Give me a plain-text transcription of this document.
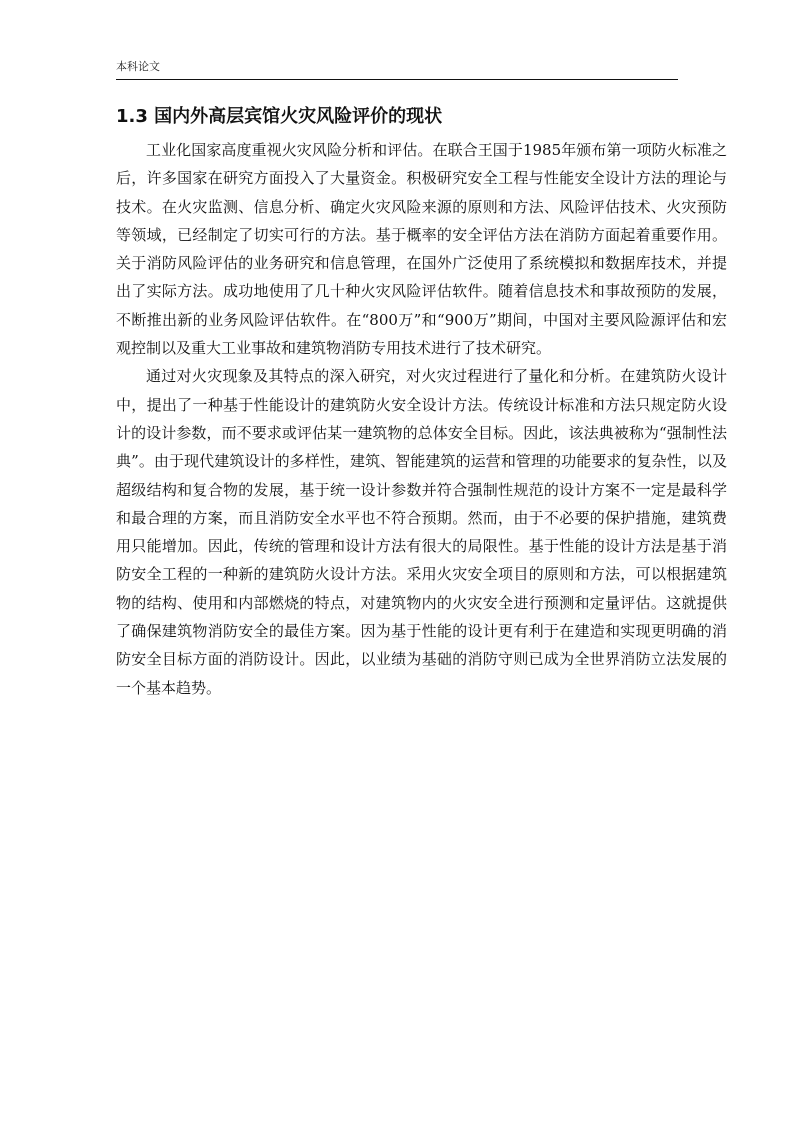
本科论文
1.3 国内外高层宾馆火灾风险评价的现状

工业化国家高度重视火灾风险分析和评估。在联合王国于1985年颁布第一项防火标准之后，许多国家在研究方面投入了大量资金。积极研究安全工程与性能安全设计方法的理论与技术。在火灾监测、信息分析、确定火灾风险来源的原则和方法、风险评估技术、火灾预防等领域，已经制定了切实可行的方法。基于概率的安全评估方法在消防方面起着重要作用。关于消防风险评估的业务研究和信息管理，在国外广泛使用了系统模拟和数据库技术，并提出了实际方法。成功地使用了几十种火灾风险评估软件。随着信息技术和事故预防的发展，不断推出新的业务风险评估软件。在“800万”和“900万”期间，中国对主要风险源评估和宏观控制以及重大工业事故和建筑物消防专用技术进行了技术研究。

通过对火灾现象及其特点的深入研究，对火灾过程进行了量化和分析。在建筑防火设计中，提出了一种基于性能设计的建筑防火安全设计方法。传统设计标准和方法只规定防火设计的设计参数，而不要求或评估某一建筑物的总体安全目标。因此，该法典被称为“强制性法典”。由于现代建筑设计的多样性，建筑、智能建筑的运营和管理的功能要求的复杂性，以及超级结构和复合物的发展，基于统一设计参数并符合强制性规范的设计方案不一定是最科学和最合理的方案，而且消防安全水平也不符合预期。然而，由于不必要的保护措施，建筑费用只能增加。因此，传统的管理和设计方法有很大的局限性。基于性能的设计方法是基于消防安全工程的一种新的建筑防火设计方法。采用火灾安全项目的原则和方法，可以根据建筑物的结构、使用和内部燃烧的特点，对建筑物内的火灾安全进行预测和定量评估。这就提供了确保建筑物消防安全的最佳方案。因为基于性能的设计更有利于在建造和实现更明确的消防安全目标方面的消防设计。因此，以业绩为基础的消防守则已成为全世界消防立法发展的一个基本趋势。
